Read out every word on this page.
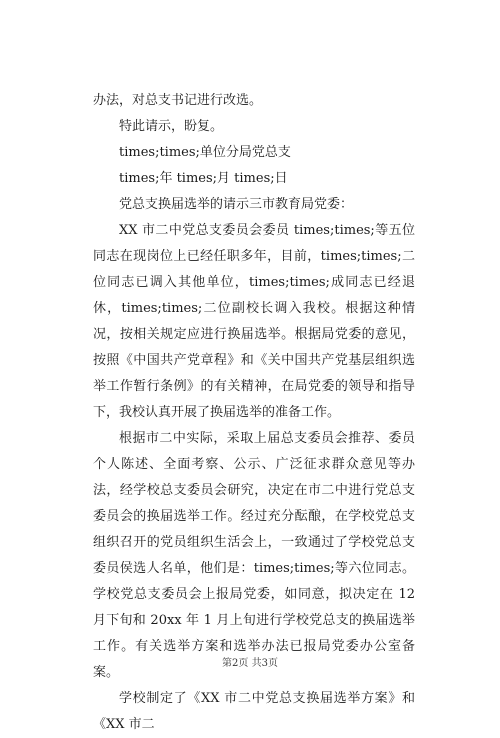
办法，对总支书记进行改选。

特此请示，盼复。

times;times;单位分局党总支

times;年 times;月 times;日

党总支换届选举的请示三市教育局党委：

XX 市二中党总支委员会委员 times;times;等五位同志在现岗位上已经任职多年，目前，times;times;二位同志已调入其他单位，times;times;成同志已经退休，times;times;二位副校长调入我校。根据这种情况，按相关规定应进行换届选举。根据局党委的意见，按照《中国共产党章程》和《关中国共产党基层组织选举工作暂行条例》的有关精神，在局党委的领导和指导下，我校认真开展了换届选举的准备工作。

根据市二中实际，采取上届总支委员会推荐、委员个人陈述、全面考察、公示、广泛征求群众意见等办法，经学校总支委员会研究，决定在市二中进行党总支委员会的换届选举工作。经过充分酝酿，在学校党总支组织召开的党员组织生活会上，一致通过了学校党总支委员侯选人名单，他们是：times;times;等六位同志。学校党总支委员会上报局党委，如同意，拟决定在 12 月下旬和 20xx 年 1 月上旬进行学校党总支的换届选举工作。有关选举方案和选举办法已报局党委办公室备案。

学校制定了《XX 市二中党总支换届选举方案》和《XX 市二

第2页 共3页
